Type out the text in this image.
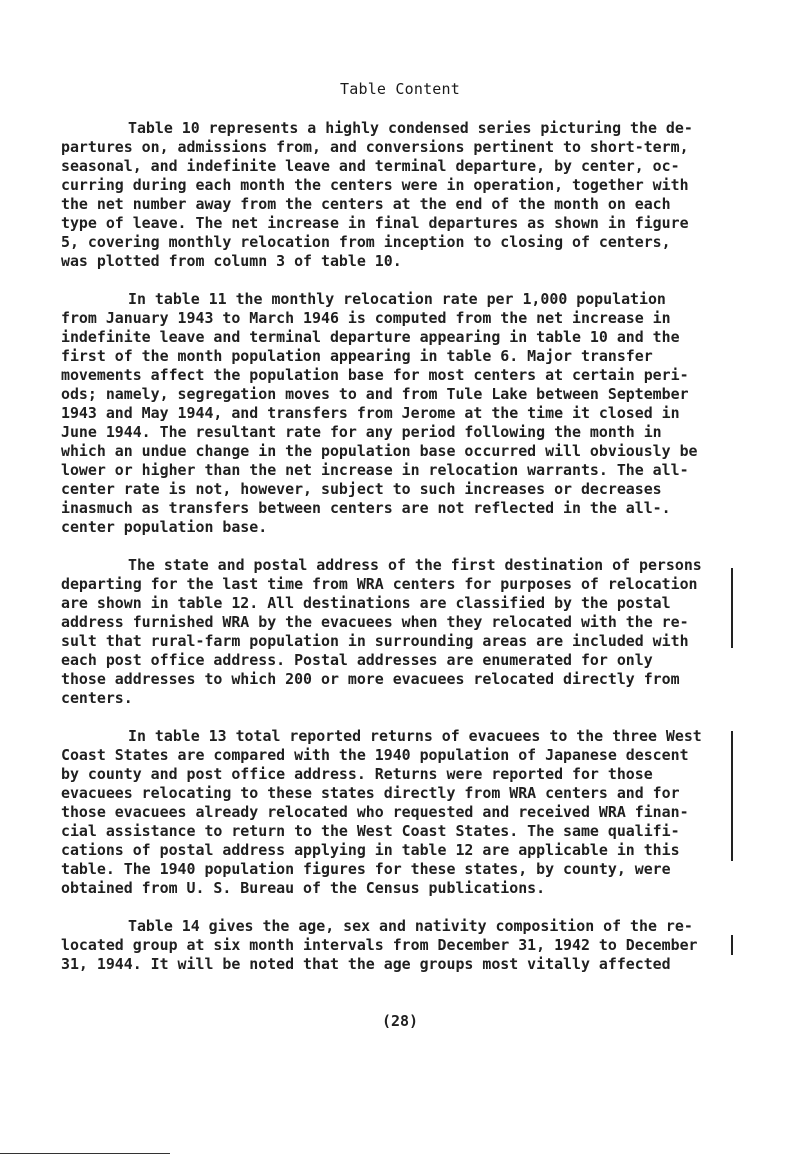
Table Content
Table 10 represents a highly condensed series picturing the de-
partures on, admissions from, and conversions pertinent to short-term,
seasonal, and indefinite leave and terminal departure, by center, oc-
curring during each month the centers were in operation, together with
the net number away from the centers at the end of the month on each
type of leave. The net increase in final departures as shown in figure
5, covering monthly relocation from inception to closing of centers,
was plotted from column 3 of table 10.
In table 11 the monthly relocation rate per 1,000 population
from January 1943 to March 1946 is computed from the net increase in
indefinite leave and terminal departure appearing in table 10 and the
first of the month population appearing in table 6. Major transfer
movements affect the population base for most centers at certain peri-
ods; namely, segregation moves to and from Tule Lake between September
1943 and May 1944, and transfers from Jerome at the time it closed in
June 1944. The resultant rate for any period following the month in
which an undue change in the population base occurred will obviously be
lower or higher than the net increase in relocation warrants. The all-
center rate is not, however, subject to such increases or decreases
inasmuch as transfers between centers are not reflected in the all-.
center population base.
The state and postal address of the first destination of persons
departing for the last time from WRA centers for purposes of relocation
are shown in table 12. All destinations are classified by the postal
address furnished WRA by the evacuees when they relocated with the re-
sult that rural-farm population in surrounding areas are included with
each post office address. Postal addresses are enumerated for only
those addresses to which 200 or more evacuees relocated directly from
centers.
In table 13 total reported returns of evacuees to the three West
Coast States are compared with the 1940 population of Japanese descent
by county and post office address. Returns were reported for those
evacuees relocating to these states directly from WRA centers and for
those evacuees already relocated who requested and received WRA finan-
cial assistance to return to the West Coast States. The same qualifi-
cations of postal address applying in table 12 are applicable in this
table. The 1940 population figures for these states, by county, were
obtained from U. S. Bureau of the Census publications.
Table 14 gives the age, sex and nativity composition of the re-
located group at six month intervals from December 31, 1942 to December
31, 1944. It will be noted that the age groups most vitally affected
(28)
